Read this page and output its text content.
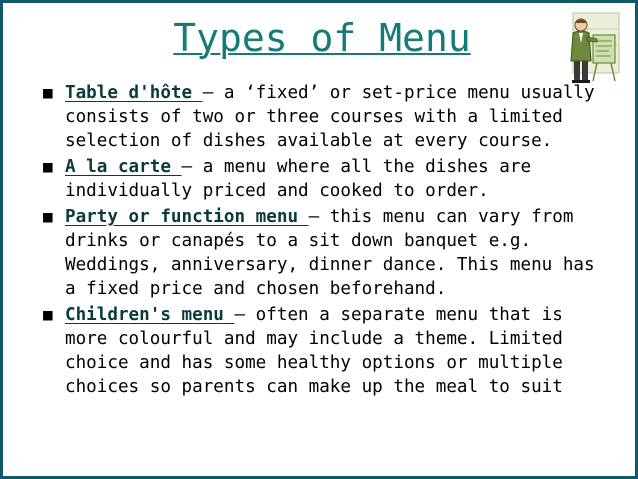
Types of Menu
■ Table d'hôte – a ‘fixed’ or set-price menu usually consists of two or three courses with a limited selection of dishes available at every course.
■ A la carte – a menu where all the dishes are individually priced and cooked to order.
■ Party or function menu – this menu can vary from drinks or canapés to a sit down banquet e.g. Weddings, anniversary, dinner dance. This menu has a fixed price and chosen beforehand.
■ Children's menu – often a separate menu that is more colourful and may include a theme. Limited choice and has some healthy options or multiple choices so parents can make up the meal to suit
